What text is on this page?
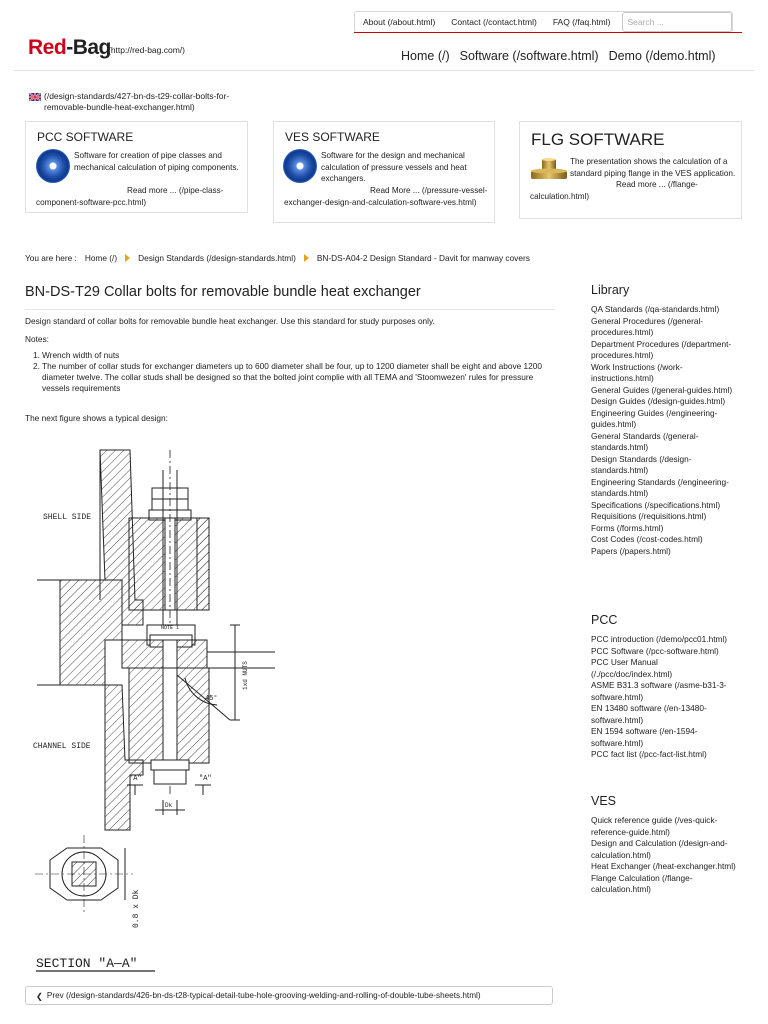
About (/about.html)	Contact (/contact.html)	FAQ (/faq.html)
Search ...
Red-Bag
(http://red-bag.com/)	Home (/) Software (/software.html) Demo (/demo.html)
(/design-standards/427-bn-ds-t29-collar-bolts-for-removable-bundle-heat-exchanger.html)
PCC SOFTWARE
Software for creation of pipe classes and mechanical calculation of piping components.
Read more ... (/pipe-class-component-software-pcc.html)
VES SOFTWARE
Software for the design and mechanical calculation of pressure vessels and heat exchangers.
Read More ... (/pressure-vessel-exchanger-design-and-calculation-software-ves.html)
FLG SOFTWARE
The presentation shows the calculation of a standard piping flange in the VES application.
Read more ... (/flange-calculation.html)
You are here : Home (/)	Design Standards (/design-standards.html)	BN-DS-A04-2 Design Standard - Davit for manway covers
BN-DS-T29 Collar bolts for removable bundle heat exchanger

Design standard of collar bolts for removable bundle heat exchanger. Use this standard for study purposes only.

Notes:

1. Wrench width of nuts
2. The number of collar studs for exchanger diameters up to 600 diameter shall be four, up to 1200 diameter shall be eight and above 1200 diameter twelve. The collar studs shall be designed so that the bolted joint complie with all TEMA and 'Stoomwezen' rules for pressure vessels requirements

The next figure shows a typical design:

SHELL SIDE
CHANNEL SIDE
NOTE 1
45°
1xd NUTS
"A"	"A"
Dk
0.8 x Dk
SECTION "A—A"
❮ Prev (/design-standards/426-bn-ds-t28-typical-detail-tube-hole-grooving-welding-and-rolling-of-double-tube-sheets.html)
Library
QA Standards (/qa-standards.html)
General Procedures (/general-procedures.html)
Department Procedures (/department-procedures.html)
Work Instructions (/work-instructions.html)
General Guides (/general-guides.html)
Design Guides (/design-guides.html)
Engineering Guides (/engineering-guides.html)
General Standards (/general-standards.html)
Design Standards (/design-standards.html)
Engineering Standards (/engineering-standards.html)
Specifications (/specifications.html)
Requisitions (/requisitions.html)
Forms (/forms.html)
Cost Codes (/cost-codes.html)
Papers (/papers.html)
PCC
PCC introduction (/demo/pcc01.html)
PCC Software (/pcc-software.html)
PCC User Manual (/./pcc/doc/index.html)
ASME B31.3 software (/asme-b31-3-software.html)
EN 13480 software (/en-13480-software.html)
EN 1594 software (/en-1594-software.html)
PCC fact list (/pcc-fact-list.html)
VES
Quick reference guide (/ves-quick-reference-guide.html)
Design and Calculation (/design-and-calculation.html)
Heat Exchanger (/heat-exchanger.html)
Flange Calculation (/flange-calculation.html)
